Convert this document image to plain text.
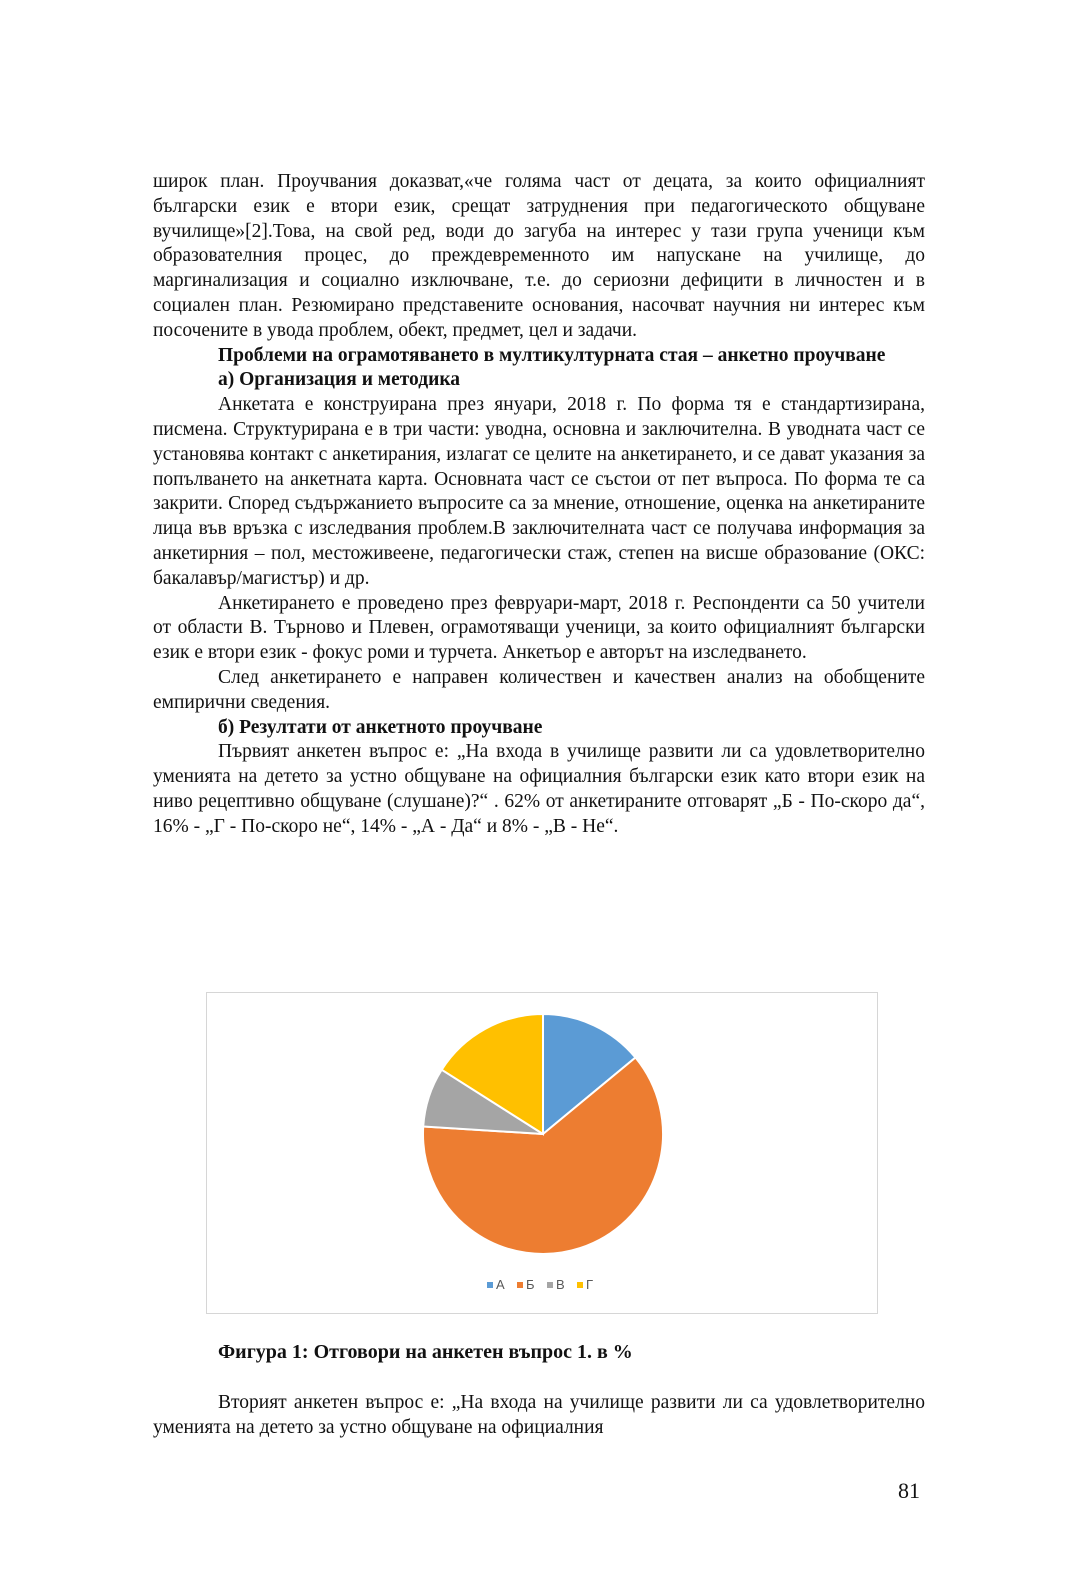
широк план. Проучвания доказват,«че голяма част от децата, за които официалният български език е втори език, срещат затруднения при педагогическото общуване вучилище»[2].Това, на свой ред, води до загуба на интерес у тази група ученици към образователния процес, до преждевременното им напускане на училище, до маргинализация и социално изключване, т.е. до сериозни дефицити в личностен и в социален план. Резюмирано представените основания, насочват научния ни интерес към посочените в увода проблем, обект, предмет, цел и задачи.

Проблеми на ограмотяването в мултикултурната стая – анкетно проучване

а) Организация и методика

Анкетата е конструирана през януари, 2018 г. По форма тя е стандартизирана, писмена. Структурирана е в три части: уводна, основна и заключителна. В уводната част се установява контакт с анкетирания, излагат се целите на анкетирането, и се дават указания за попълването на анкетната карта. Основната част се състои от пет въпроса. По форма те са закрити. Според съдържанието въпросите са за мнение, отношение, оценка на анкетираните лица във връзка с изследвания проблем.В заключителната част се получава информация за анкетирния – пол, местоживеене, педагогически стаж, степен на висше образование (ОКС: бакалавър/магистър) и др.

Анкетирането е проведено през февруари-март, 2018 г. Респонденти са 50 учители от области В. Търново и Плевен, ограмотяващи ученици, за които официалният български език е втори език - фокус роми и турчета. Анкетьор е авторът на изследването.

След анкетирането е направен количествен и качествен анализ на обобщените емпирични сведения.

б) Резултати от анкетното проучване

Първият анкетен въпрос е: „На входа в училище развити ли са удовлетворително уменията на детето за устно общуване на официалния български език като втори език на ниво рецептивно общуване (слушане)?“ . 62% от анкетираните отговарят „Б - По-скоро да“, 16% - „Г - По-скоро не“, 14% - „А - Да“ и 8% - „В - Не“.

А Б В Г
Фигура 1: Отговори на анкетен въпрос 1. в %

Вторият анкетен въпрос е: „На входа на училище развити ли са удовлетворително уменията на детето за устно общуване на официалния

81
